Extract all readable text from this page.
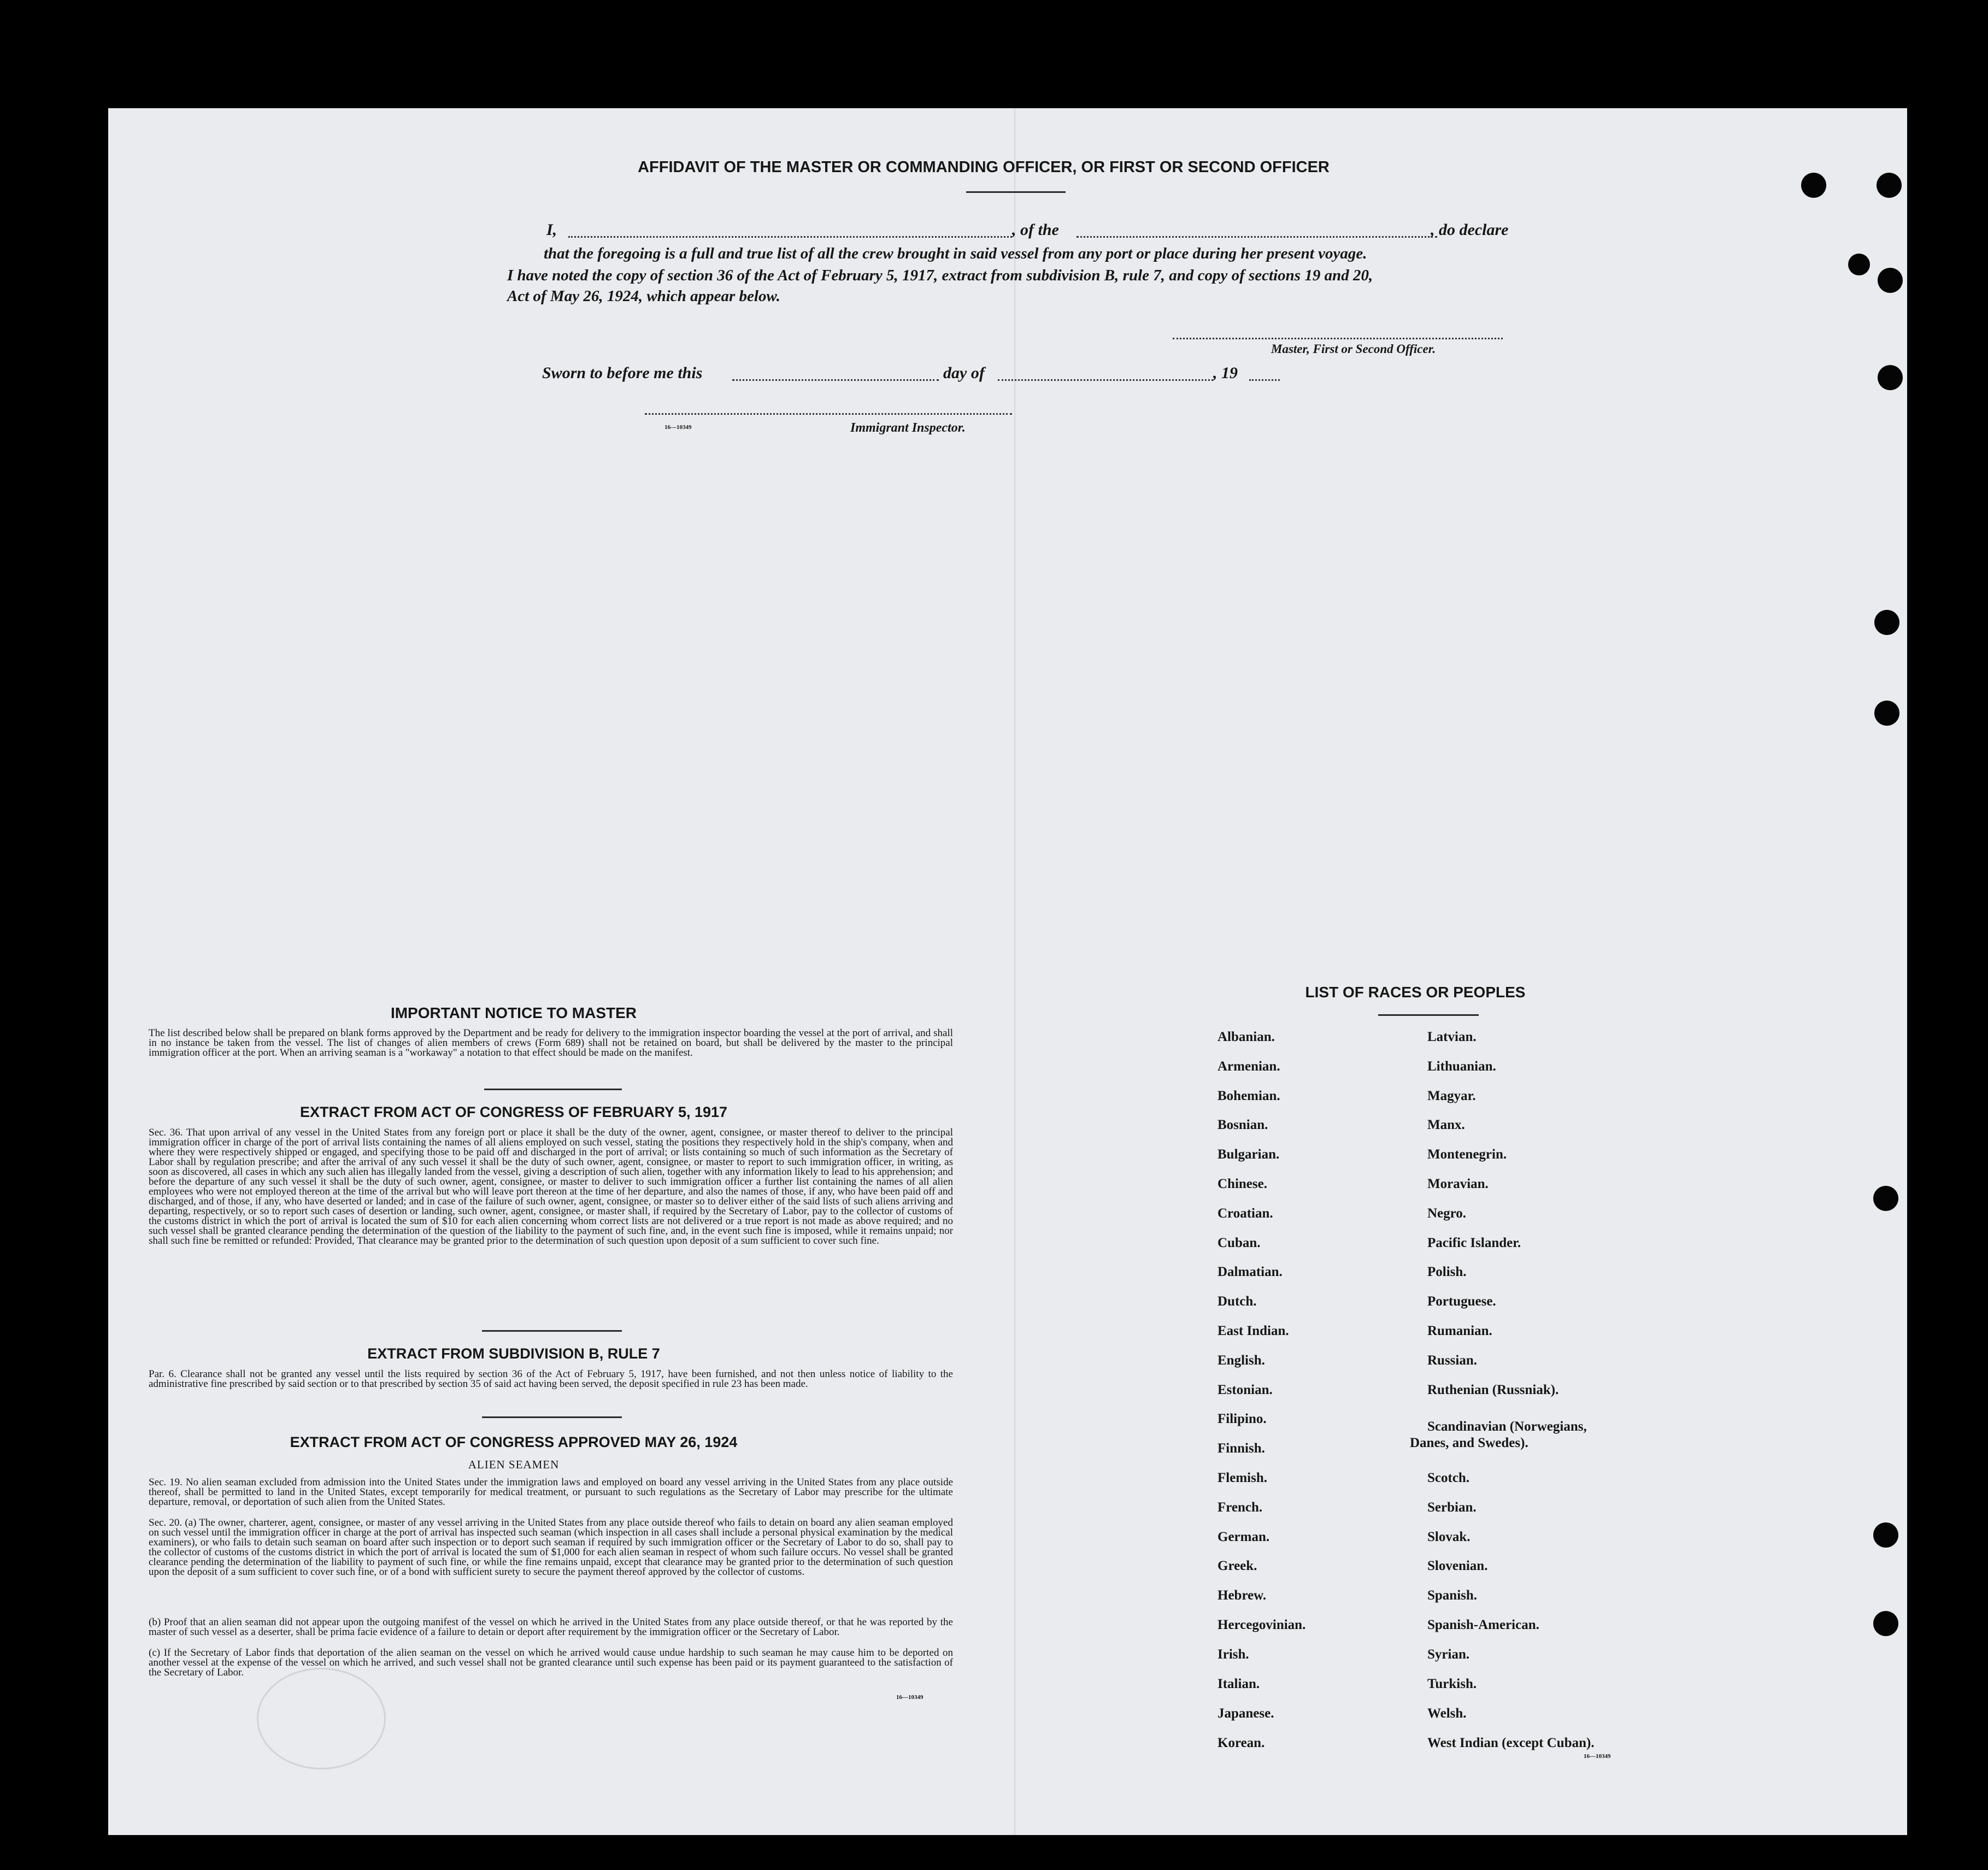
AFFIDAVIT OF THE MASTER OR COMMANDING OFFICER, OR FIRST OR SECOND OFFICER
I,	, of the	, do declare
that the foregoing is a full and true list of all the crew brought in said vessel from any port or place during her present voyage.
I have noted the copy of section 36 of the Act of February 5, 1917, extract from subdivision B, rule 7, and copy of sections 19 and 20,
Act of May 26, 1924, which appear below.
Master, First or Second Officer.
Sworn to before me this	day of	, 19
16—10349	Immigrant Inspector.
IMPORTANT NOTICE TO MASTER
The list described below shall be prepared on blank forms approved by the Department and be ready for delivery to the immigration inspector boarding the vessel at the port of arrival, and shall in no instance be taken from the vessel. The list of changes of alien members of crews (Form 689) shall not be retained on board, but shall be delivered by the master to the principal immigration officer at the port. When an arriving seaman is a "workaway" a notation to that effect should be made on the manifest.
EXTRACT FROM ACT OF CONGRESS OF FEBRUARY 5, 1917
Sec. 36. That upon arrival of any vessel in the United States from any foreign port or place it shall be the duty of the owner, agent, consignee, or master thereof to deliver to the principal immigration officer in charge of the port of arrival lists containing the names of all aliens employed on such vessel, stating the positions they respectively hold in the ship's company, when and where they were respectively shipped or engaged, and specifying those to be paid off and discharged in the port of arrival; or lists containing so much of such information as the Secretary of Labor shall by regulation prescribe; and after the arrival of any such vessel it shall be the duty of such owner, agent, consignee, or master to report to such immigration officer, in writing, as soon as discovered, all cases in which any such alien has illegally landed from the vessel, giving a description of such alien, together with any information likely to lead to his apprehension; and before the departure of any such vessel it shall be the duty of such owner, agent, consignee, or master to deliver to such immigration officer a further list containing the names of all alien employees who were not employed thereon at the time of the arrival but who will leave port thereon at the time of her departure, and also the names of those, if any, who have been paid off and discharged, and of those, if any, who have deserted or landed; and in case of the failure of such owner, agent, consignee, or master so to deliver either of the said lists of such aliens arriving and departing, respectively, or so to report such cases of desertion or landing, such owner, agent, consignee, or master shall, if required by the Secretary of Labor, pay to the collector of customs of the customs district in which the port of arrival is located the sum of $10 for each alien concerning whom correct lists are not delivered or a true report is not made as above required; and no such vessel shall be granted clearance pending the determination of the question of the liability to the payment of such fine, and, in the event such fine is imposed, while it remains unpaid; nor shall such fine be remitted or refunded: Provided, That clearance may be granted prior to the determination of such question upon deposit of a sum sufficient to cover such fine.
EXTRACT FROM SUBDIVISION B, RULE 7
Par. 6. Clearance shall not be granted any vessel until the lists required by section 36 of the Act of February 5, 1917, have been furnished, and not then unless notice of liability to the administrative fine prescribed by said section or to that prescribed by section 35 of said act having been served, the deposit specified in rule 23 has been made.
EXTRACT FROM ACT OF CONGRESS APPROVED MAY 26, 1924
ALIEN SEAMEN
Sec. 19. No alien seaman excluded from admission into the United States under the immigration laws and employed on board any vessel arriving in the United States from any place outside thereof, shall be permitted to land in the United States, except temporarily for medical treatment, or pursuant to such regulations as the Secretary of Labor may prescribe for the ultimate departure, removal, or deportation of such alien from the United States.
Sec. 20. (a) The owner, charterer, agent, consignee, or master of any vessel arriving in the United States from any place outside thereof who fails to detain on board any alien seaman employed on such vessel until the immigration officer in charge at the port of arrival has inspected such seaman (which inspection in all cases shall include a personal physical examination by the medical examiners), or who fails to detain such seaman on board after such inspection or to deport such seaman if required by such immigration officer or the Secretary of Labor to do so, shall pay to the collector of customs of the customs district in which the port of arrival is located the sum of $1,000 for each alien seaman in respect of whom such failure occurs. No vessel shall be granted clearance pending the determination of the liability to payment of such fine, or while the fine remains unpaid, except that clearance may be granted prior to the determination of such question upon the deposit of a sum sufficient to cover such fine, or of a bond with sufficient surety to secure the payment thereof approved by the collector of customs.
(b) Proof that an alien seaman did not appear upon the outgoing manifest of the vessel on which he arrived in the United States from any place outside thereof, or that he was reported by the master of such vessel as a deserter, shall be prima facie evidence of a failure to detain or deport after requirement by the immigration officer or the Secretary of Labor.
(c) If the Secretary of Labor finds that deportation of the alien seaman on the vessel on which he arrived would cause undue hardship to such seaman he may cause him to be deported on another vessel at the expense of the vessel on which he arrived, and such vessel shall not be granted clearance until such expense has been paid or its payment guaranteed to the satisfaction of the Secretary of Labor.
16—10349
LIST OF RACES OR PEOPLES
Albanian.
Armenian.
Bohemian.
Bosnian.
Bulgarian.
Chinese.
Croatian.
Cuban.
Dalmatian.
Dutch.
East Indian.
English.
Estonian.
Filipino.
Finnish.
Flemish.
French.
German.
Greek.
Hebrew.
Hercegovinian.
Irish.
Italian.
Japanese.
Korean.
Latvian.
Lithuanian.
Magyar.
Manx.
Montenegrin.
Moravian.
Negro.
Pacific Islander.
Polish.
Portuguese.
Rumanian.
Russian.
Ruthenian (Russniak).
Scandinavian (Norwegians,
Danes, and Swedes).
Scotch.
Serbian.
Slovak.
Slovenian.
Spanish.
Spanish-American.
Syrian.
Turkish.
Welsh.
West Indian (except Cuban).
16—10349
